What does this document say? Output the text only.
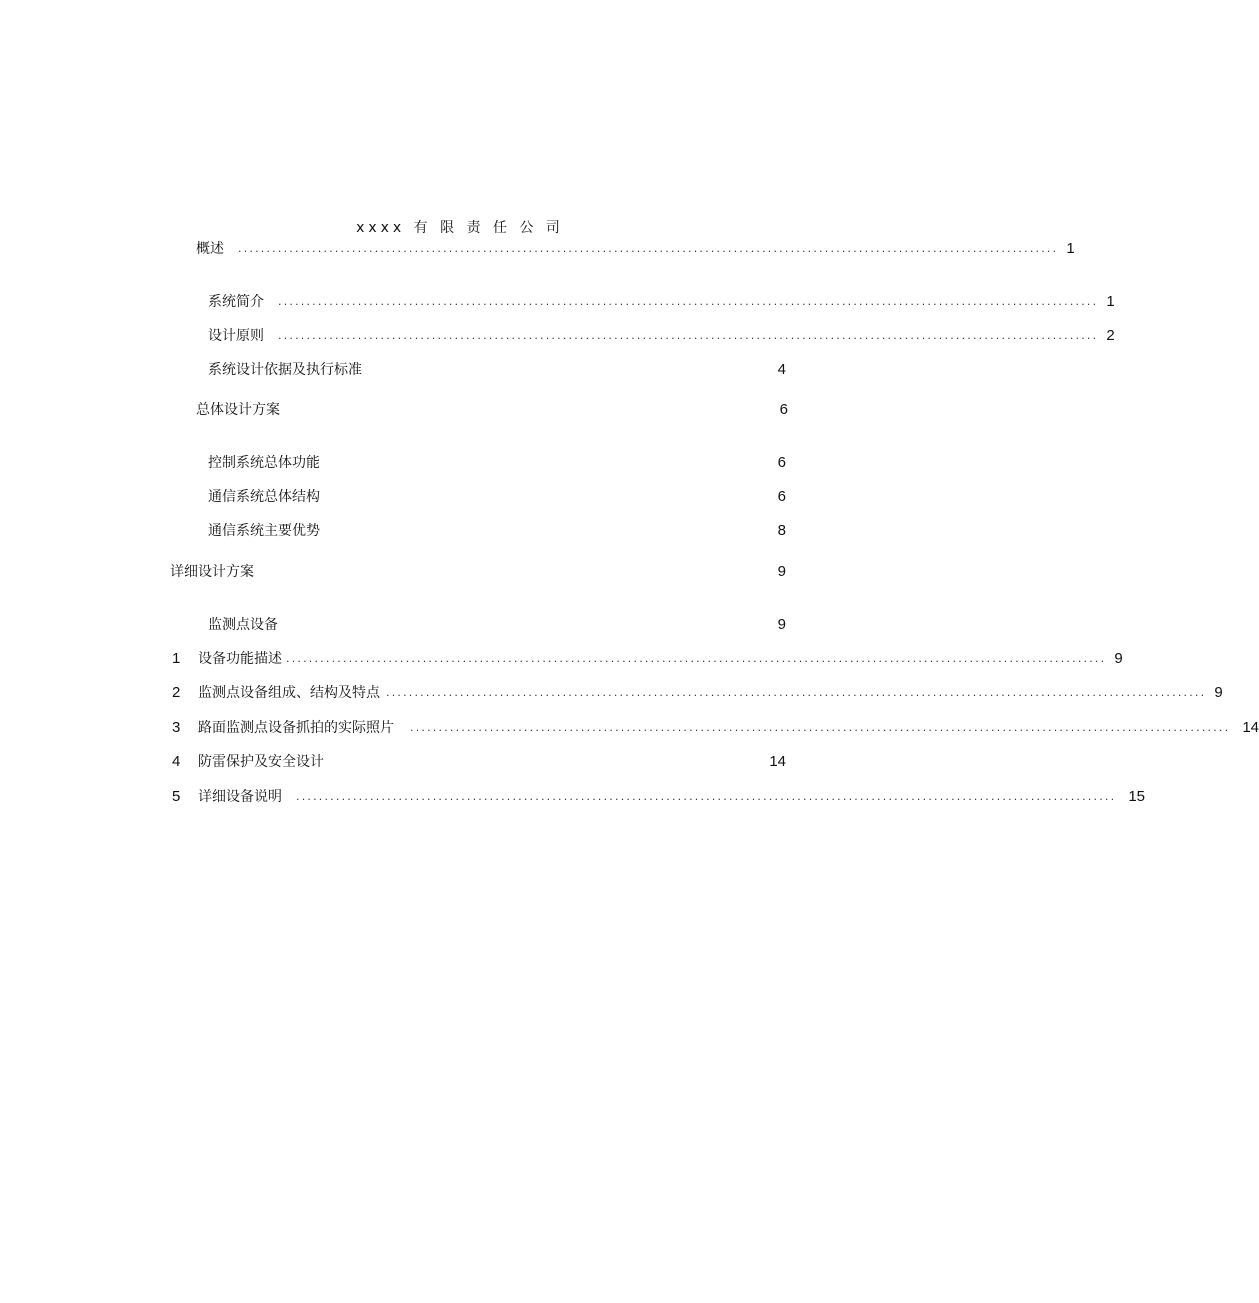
xxxx 有 限 责 任 公 司
概述 ................................................................................................................................................ 1
系统简介 ................................................................................................................................................ 1
设计原则 ................................................................................................................................................ 2
系统设计依据及执行标准	4
总体设计方案	6
控制系统总体功能	6
通信系统总体结构	6
通信系统主要优势	8
详细设计方案	9
监测点设备	9
1 设备功能描述 ................................................................................................................................................ 9
2 监测点设备组成、结构及特点 ................................................................................................................................................ 9
3 路面监测点设备抓拍的实际照片 ................................................................................................................................................ 14
4 防雷保护及安全设计	14
5 详细设备说明 ................................................................................................................................................ 15
